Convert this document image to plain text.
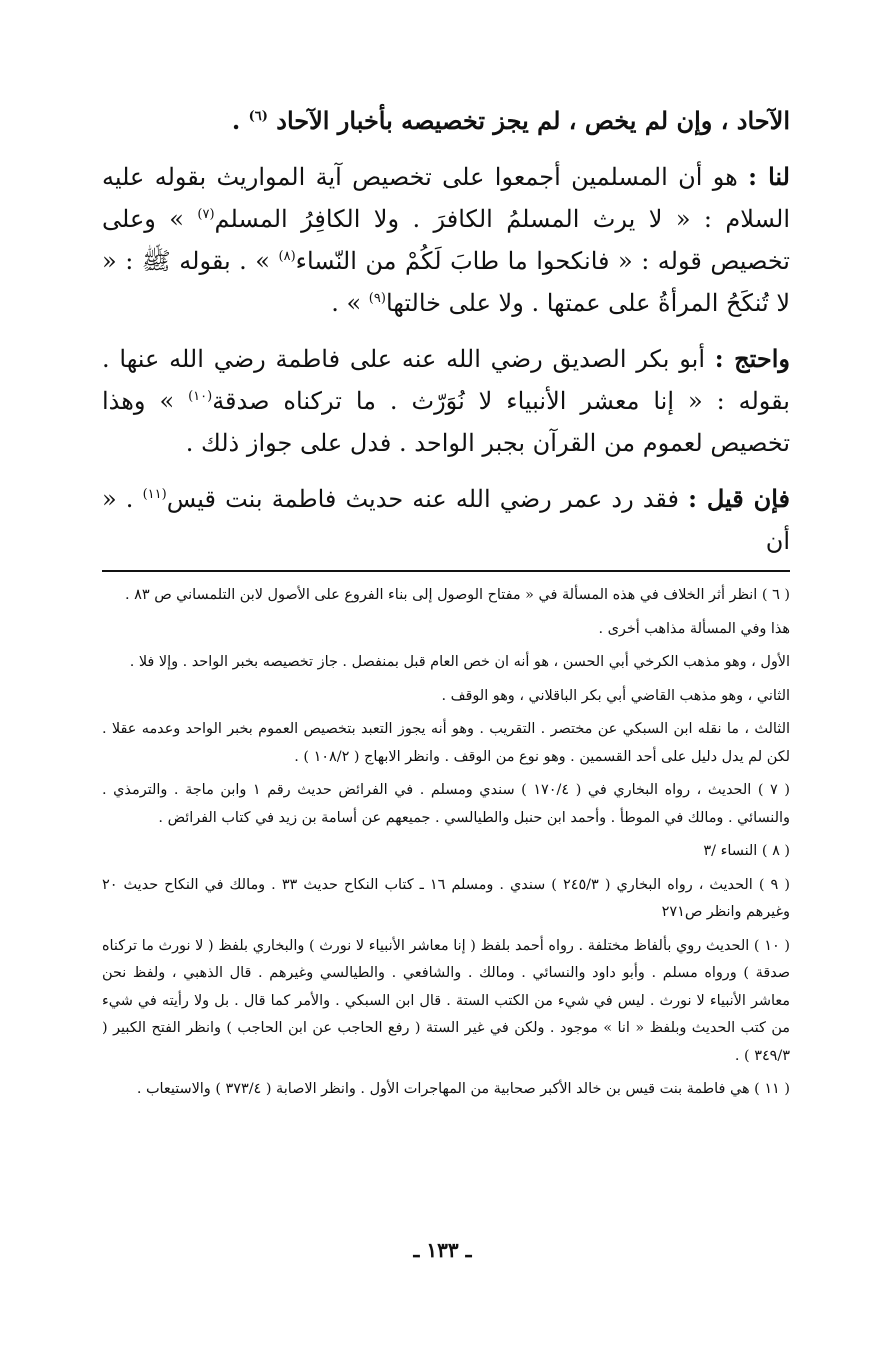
الآحاد ، وإن لم يخص ، لم يجز تخصيصه بأخبار الآحاد $^{(٦)}$ .

لنا : هو أن المسلمين أجمعوا على تخصيص آية المواريث بقوله عليه السلام : « لا يرث المسلمُ الكافرَ . ولا الكافِرُ المسلم$^{(٧)}$ » وعلى تخصيص قوله : « فانكحوا ما طابَ لَكُمْ من النّساء$^{(٨)}$ » . بقوله ﷺ : « لا تُنكَحُ المرأةُ على عمتها . ولا على خالتها$^{(٩)}$ » .

واحتج : أبو بكر الصديق رضي الله عنه على فاطمة رضي الله عنها . بقوله : « إنا معشر الأنبياء لا نُوَرّث . ما تركناه صدقة$^{(١٠)}$ » وهذا تخصيص لعموم من القرآن بجبر الواحد . فدل على جواز ذلك .

فإن قيل : فقد رد عمر رضي الله عنه حديث فاطمة بنت قيس$^{(١١)}$ . « أن

( ٦ ) انظر أثر الخلاف في هذه المسألة في « مفتاح الوصول إلى بناء الفروع على الأصول لابن التلمساني ص ٨٣ .

هذا وفي المسألة مذاهب أخرى .

الأول ، وهو مذهب الكرخي أبي الحسن ، هو أنه ان خص العام قبل بمنفصل . جاز تخصيصه بخبر الواحد . وإلا فلا .

الثاني ، وهو مذهب القاضي أبي بكر الباقلاني ، وهو الوقف .

الثالث ، ما نقله ابن السبكي عن مختصر . التقريب . وهو أنه يجوز التعبد بتخصيص العموم بخبر الواحد وعدمه عقلا . لكن لم يدل دليل على أحد القسمين . وهو نوع من الوقف . وانظر الابهاج ( ١٠٨/٢ ) .

( ٧ ) الحديث ، رواه البخاري في ( ١٧٠/٤ ) سندي ومسلم . في الفرائض حديث رقم ١ وابن ماجة . والترمذي . والنسائي . ومالك في الموطأ . وأحمد ابن حنبل والطيالسي . جميعهم عن أسامة بن زيد في كتاب الفرائض .

( ٨ ) النساء /٣

( ٩ ) الحديث ، رواه البخاري ( ٢٤٥/٣ ) سندي . ومسلم ١٦ ـ كتاب النكاح حديث ٣٣ . ومالك في النكاح حديث ٢٠ وغيرهم وانظر ص٢٧١

( ١٠ ) الحديث روي بألفاظ مختلفة . رواه أحمد بلفظ ( إنا معاشر الأنبياء لا نورث ) والبخاري بلفظ ( لا نورث ما تركناه صدقة ) ورواه مسلم . وأبو داود والنسائي . ومالك . والشافعي . والطيالسي وغيرهم . قال الذهبي ، ولفظ نحن معاشر الأنبياء لا نورث . ليس في شيء من الكتب الستة . قال ابن السبكي . والأمر كما قال . بل ولا رأيته في شيء من كتب الحديث وبلفظ « انا » موجود . ولكن في غير الستة ( رفع الحاجب عن ابن الحاجب ) وانظر الفتح الكبير ( ٣٤٩/٣ ) .

( ١١ ) هي فاطمة بنت قيس بن خالد الأكبر صحابية من المهاجرات الأول . وانظر الاصابة ( ٣٧٣/٤ ) والاستيعاب .

ـ ١٣٣ ـ
